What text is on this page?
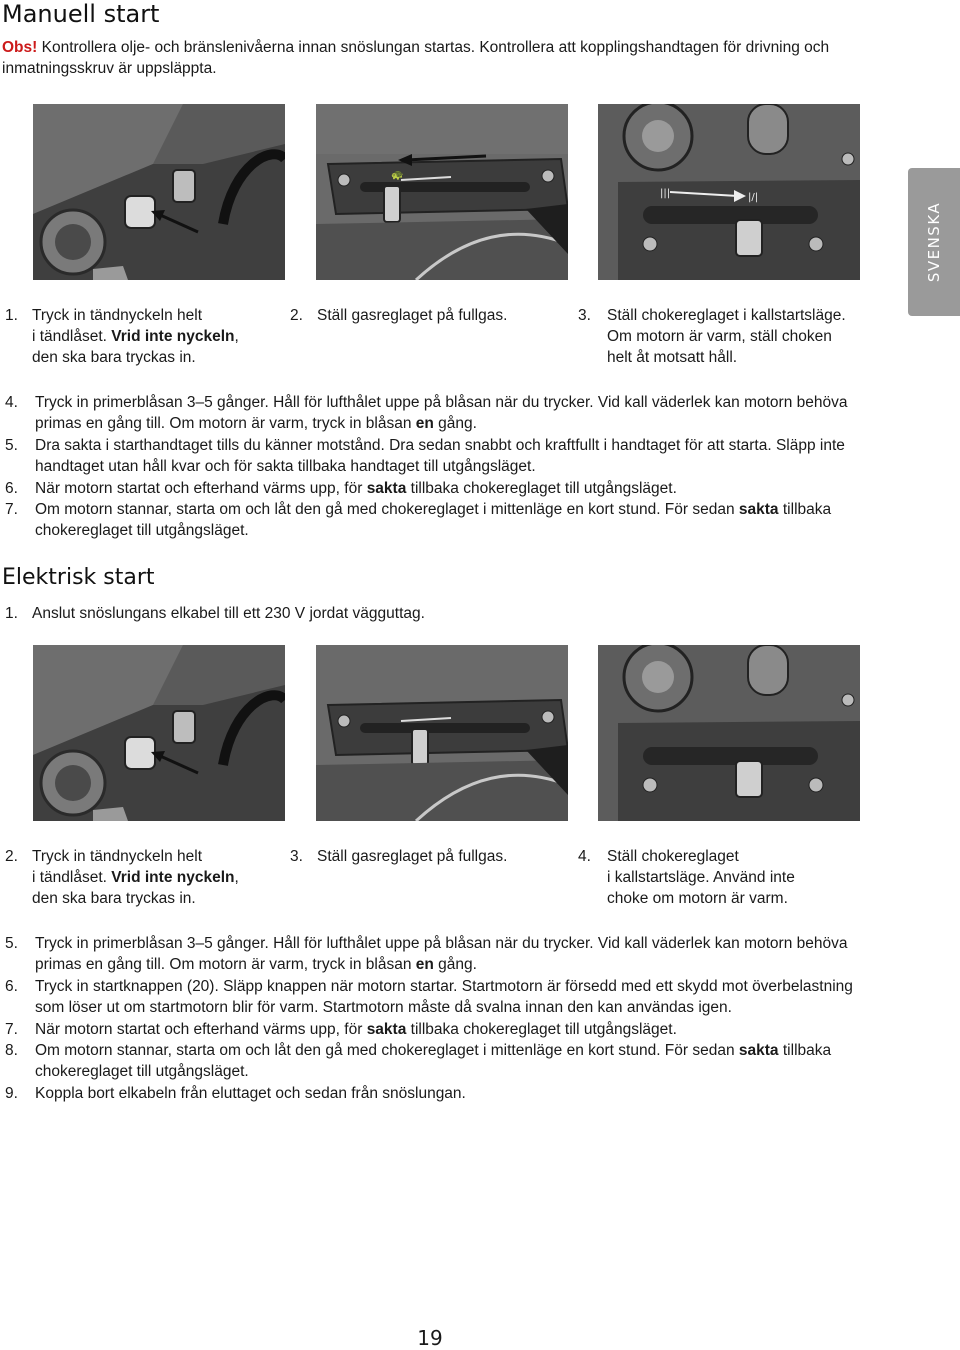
SVENSKA
Manuell start
Obs! Kontrollera olje- och bränslenivåerna innan snöslungan startas. Kontrollera att kopplingshandtagen för drivning och inmatningsskruv är uppsläppta.
🐢
|||	|/|
1. Tryck in tändnyckeln helt
i tändlåset. Vrid inte nyckeln,
den ska bara tryckas in.
2. Ställ gasreglaget på fullgas.	3. Ställ chokereglaget i kallstartsläge.
Om motorn är varm, ställ choken
helt åt motsatt håll.
4. Tryck in primerblåsan 3–5 gånger. Håll för lufthålet uppe på blåsan när du trycker. Vid kall väderlek kan motorn behöva primas en gång till. Om motorn är varm, tryck in blåsan en gång.
5. Dra sakta i starthandtaget tills du känner motstånd. Dra sedan snabbt och kraftfullt i handtaget för att starta. Släpp inte handtaget utan håll kvar och för sakta tillbaka handtaget till utgångsläget.
6. När motorn startat och efterhand värms upp, för sakta tillbaka chokereglaget till utgångsläget.
7. Om motorn stannar, starta om och låt den gå med chokereglaget i mittenläge en kort stund. För sedan sakta tillbaka chokereglaget till utgångsläget.
Elektrisk start
1. Anslut snöslungans elkabel till ett 230 V jordat vägguttag.
2. Tryck in tändnyckeln helt
i tändlåset. Vrid inte nyckeln,
den ska bara tryckas in.
3. Ställ gasreglaget på fullgas.	4. Ställ chokereglaget
i kallstartsläge. Använd inte
choke om motorn är varm.
5. Tryck in primerblåsan 3–5 gånger. Håll för lufthålet uppe på blåsan när du trycker. Vid kall väderlek kan motorn behöva primas en gång till. Om motorn är varm, tryck in blåsan en gång.
6. Tryck in startknappen (20). Släpp knappen när motorn startar. Startmotorn är försedd med ett skydd mot överbelastning som löser ut om startmotorn blir för varm. Startmotorn måste då svalna innan den kan användas igen.
7. När motorn startat och efterhand värms upp, för sakta tillbaka chokereglaget till utgångsläget.
8. Om motorn stannar, starta om och låt den gå med chokereglaget i mittenläge en kort stund. För sedan sakta tillbaka chokereglaget till utgångsläget.
9. Koppla bort elkabeln från eluttaget och sedan från snöslungan.
19
